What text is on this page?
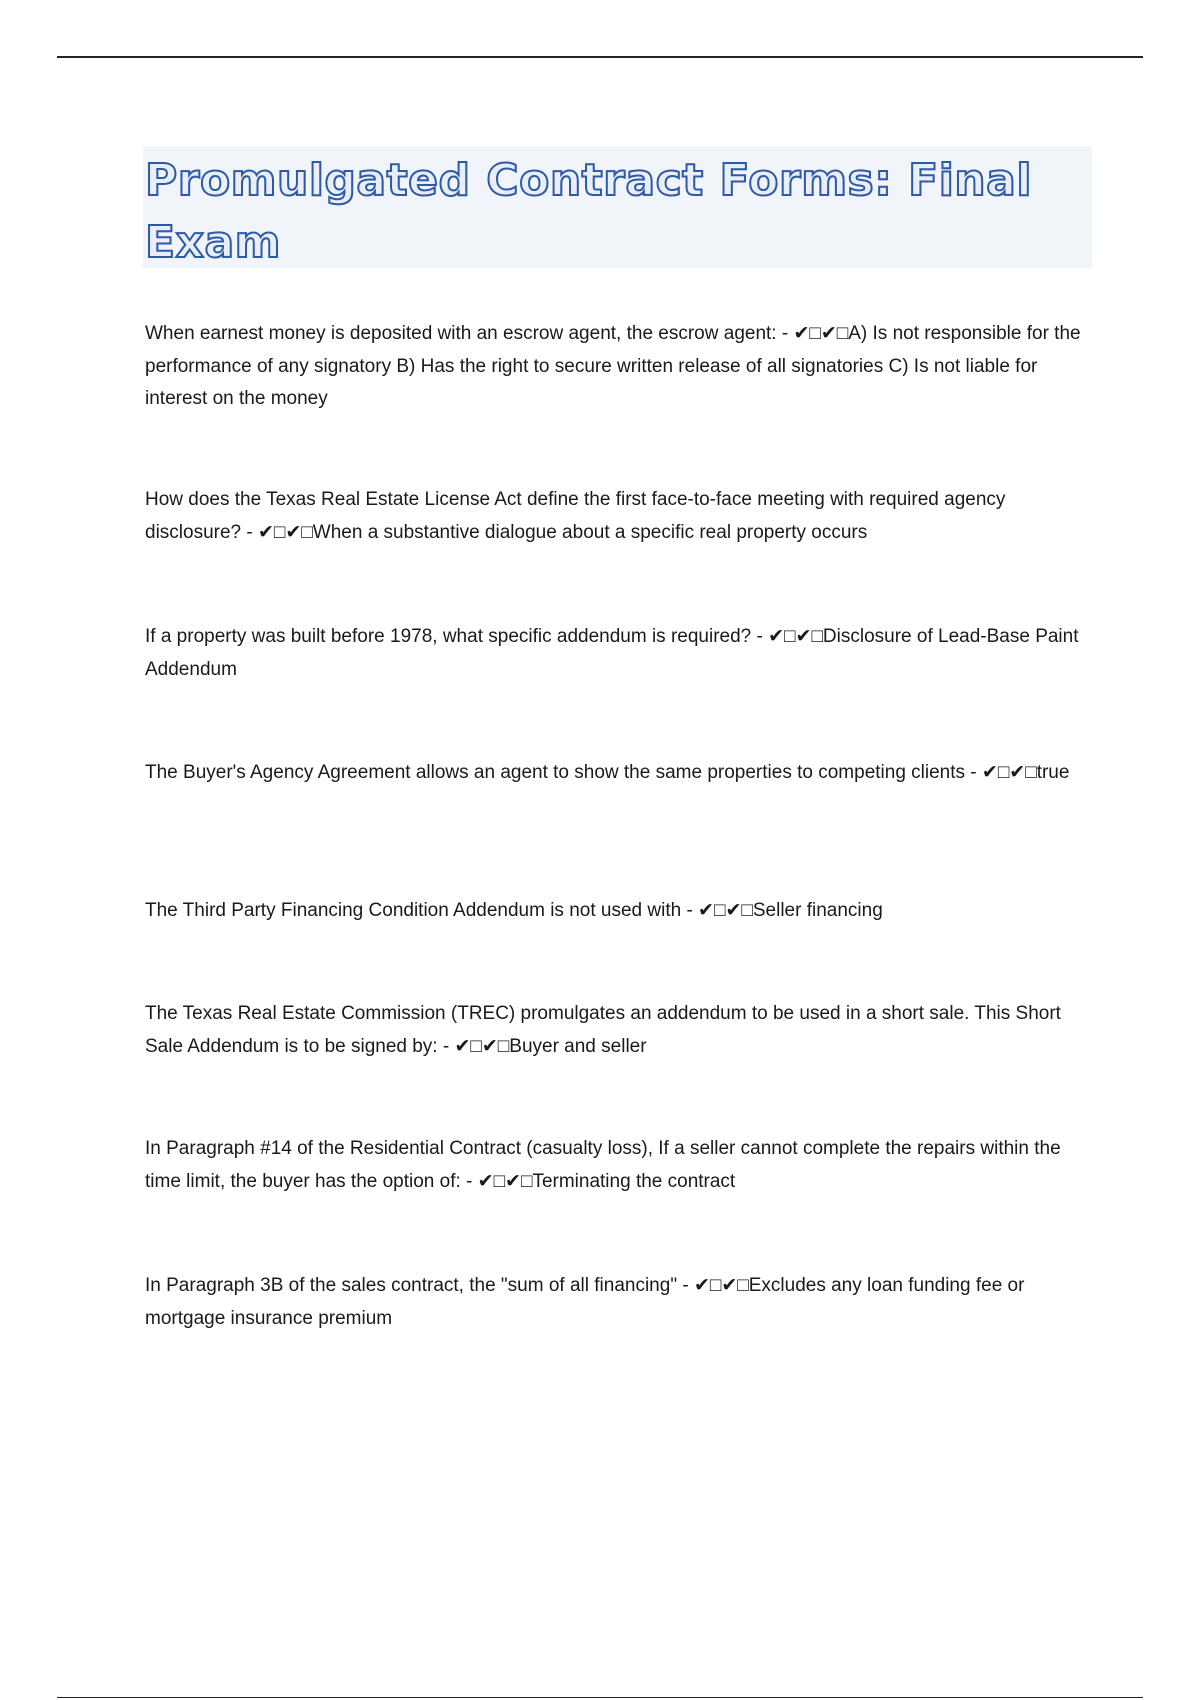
Promulgated Contract Forms: Final Exam

When earnest money is deposited with an escrow agent, the escrow agent: - ✔□✔□A) Is not responsible for the performance of any signatory B) Has the right to secure written release of all signatories C) Is not liable for interest on the money

How does the Texas Real Estate License Act define the first face-to-face meeting with required agency disclosure? - ✔□✔□When a substantive dialogue about a specific real property occurs

If a property was built before 1978, what specific addendum is required? - ✔□✔□Disclosure of Lead-Base Paint Addendum

The Buyer's Agency Agreement allows an agent to show the same properties to competing clients - ✔□✔□true

The Third Party Financing Condition Addendum is not used with - ✔□✔□Seller financing

The Texas Real Estate Commission (TREC) promulgates an addendum to be used in a short sale. This Short Sale Addendum is to be signed by: - ✔□✔□Buyer and seller

In Paragraph #14 of the Residential Contract (casualty loss), If a seller cannot complete the repairs within the time limit, the buyer has the option of: - ✔□✔□Terminating the contract

In Paragraph 3B of the sales contract, the "sum of all financing" - ✔□✔□Excludes any loan funding fee or mortgage insurance premium
